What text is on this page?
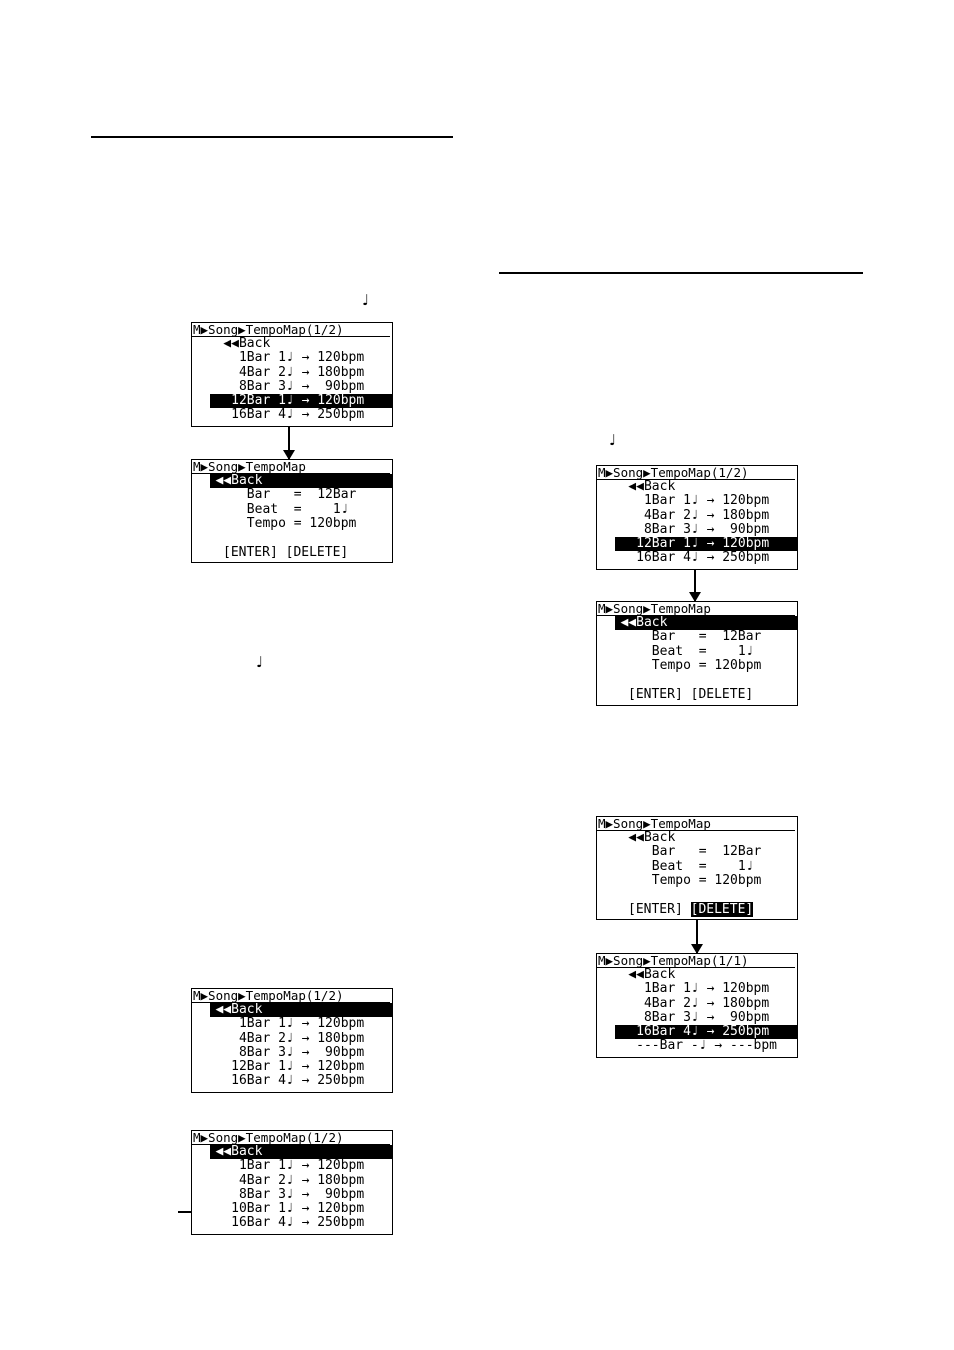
♩
♩
♩
M▶Song▶TempoMap(1/2)
◀◀Back
1Bar 1♩ → 120bpm
4Bar 2♩ → 180bpm
8Bar 3♩ →  90bpm
12Bar 1♩ → 120bpm
16Bar 4♩ → 250bpm
M▶Song▶TempoMap
◀◀Back
Bar   =  12Bar
Beat  =    1♩
Tempo = 120bpm
[ENTER] [DELETE]
M▶Song▶TempoMap(1/2)
◀◀Back
1Bar 1♩ → 120bpm
4Bar 2♩ → 180bpm
8Bar 3♩ →  90bpm
12Bar 1♩ → 120bpm
16Bar 4♩ → 250bpm
M▶Song▶TempoMap(1/2)
◀◀Back
1Bar 1♩ → 120bpm
4Bar 2♩ → 180bpm
8Bar 3♩ →  90bpm
10Bar 1♩ → 120bpm
16Bar 4♩ → 250bpm
M▶Song▶TempoMap(1/2)
◀◀Back
1Bar 1♩ → 120bpm
4Bar 2♩ → 180bpm
8Bar 3♩ →  90bpm
12Bar 1♩ → 120bpm
16Bar 4♩ → 250bpm
M▶Song▶TempoMap
◀◀Back
Bar   =  12Bar
Beat  =    1♩
Tempo = 120bpm
[ENTER] [DELETE]
M▶Song▶TempoMap
◀◀Back
Bar   =  12Bar
Beat  =    1♩
Tempo = 120bpm
[ENTER] [DELETE]
M▶Song▶TempoMap(1/1)
◀◀Back
1Bar 1♩ → 120bpm
4Bar 2♩ → 180bpm
8Bar 3♩ →  90bpm
16Bar 4♩ → 250bpm
---Bar -♩ → ---bpm
